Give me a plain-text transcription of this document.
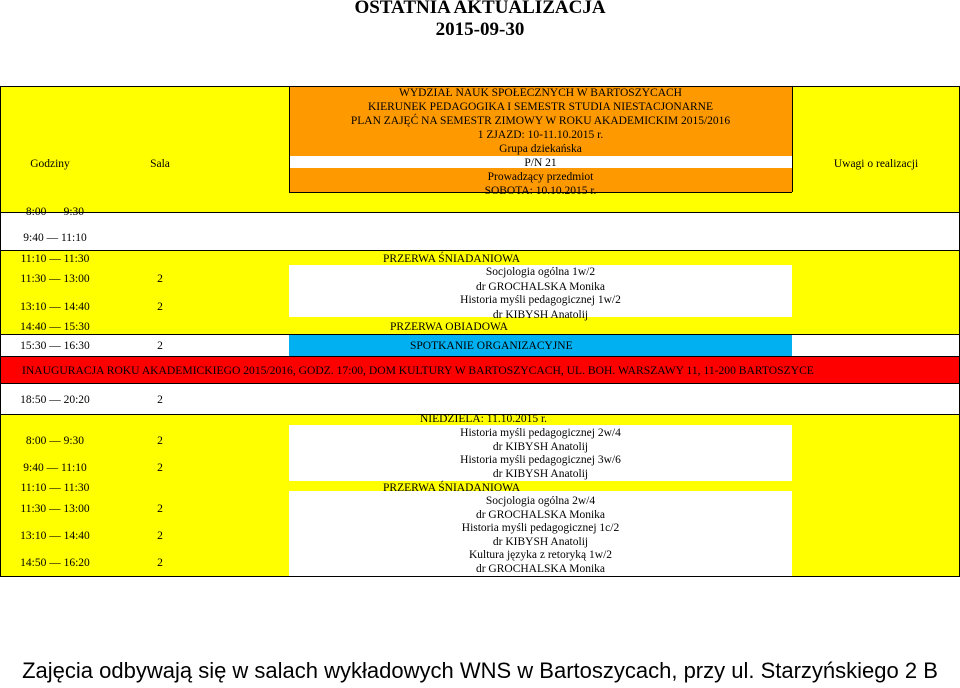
OSTATNIA AKTUALIZACJA
2015-09-30
WYDZIAŁ NAUK SPOŁECZNYCH W BARTOSZYCACH
KIERUNEK PEDAGOGIKA I SEMESTR STUDIA NIESTACJONARNE
PLAN ZAJĘĆ NA SEMESTR ZIMOWY W ROKU AKADEMICKIM 2015/2016
1 ZJAZD: 10-11.10.2015 r.
Grupa dziekańska
P/N 21
Prowadzący przedmiot
SOBOTA: 10.10.2015 r.
Godziny	Sala	Uwagi o realizacji
8:00 — 9:30
9:40 — 11:10
11:10 — 11:30	PRZERWA ŚNIADANIOWA
11:30 — 13:00	2
Socjologia ogólna 1w/2
dr GROCHALSKA Monika
13:10 — 14:40	2
Historia myśli pedagogicznej 1w/2
dr KIBYSH Anatolij
14:40 — 15:30	PRZERWA OBIADOWA
15:30 — 16:30	2	SPOTKANIE ORGANIZACYJNE
INAUGURACJA ROKU AKADEMICKIEGO 2015/2016, GODZ. 17:00, DOM KULTURY W BARTOSZYCACH, UL. BOH. WARSZAWY 11, 11-200 BARTOSZYCE
18:50 — 20:20	2
NIEDZIELA: 11.10.2015 r.
8:00 — 9:30	2
Historia myśli pedagogicznej 2w/4
dr KIBYSH Anatolij
9:40 — 11:10	2
Historia myśli pedagogicznej 3w/6
dr KIBYSH Anatolij
11:10 — 11:30	PRZERWA ŚNIADANIOWA
11:30 — 13:00	2
Socjologia ogólna 2w/4
dr GROCHALSKA Monika
13:10 — 14:40	2
Historia myśli pedagogicznej 1c/2
dr KIBYSH Anatolij
14:50 — 16:20	2
Kultura języka z retoryką 1w/2
dr GROCHALSKA Monika
Zajęcia odbywają się w salach wykładowych WNS w Bartoszycach, przy ul. Starzyńskiego 2 B
